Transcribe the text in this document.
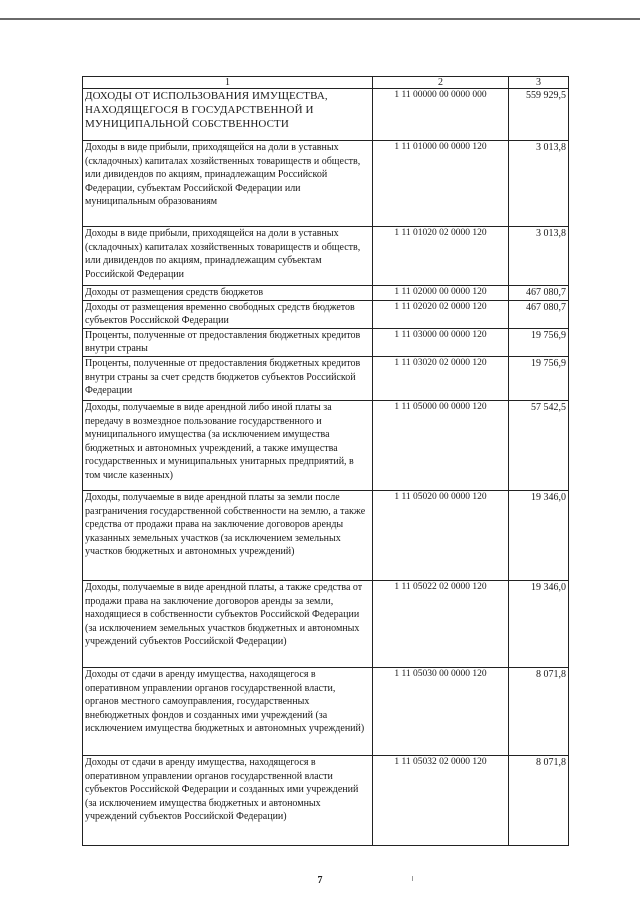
1	2	3
ДОХОДЫ ОТ ИСПОЛЬЗОВАНИЯ ИМУЩЕСТВА, НАХОДЯЩЕГОСЯ В ГОСУДАРСТВЕННОЙ И МУНИЦИПАЛЬНОЙ СОБСТВЕННОСТИ	1 11 00000 00 0000 000	559 929,5
Доходы в виде прибыли, приходящейся на доли в уставных (складочных) капиталах хозяйственных товариществ и обществ, или дивидендов по акциям, принадлежащим Российской Федерации, субъектам Российской Федерации или муниципальным образованиям	1 11 01000 00 0000 120	3 013,8
Доходы в виде прибыли, приходящейся на доли в уставных (складочных) капиталах хозяйственных товариществ и обществ, или дивидендов по акциям, принадлежащим субъектам Российской Федерации	1 11 01020 02 0000 120	3 013,8
Доходы от размещения средств бюджетов	1 11 02000 00 0000 120	467 080,7
Доходы от размещения временно свободных средств бюджетов субъектов Российской Федерации	1 11 02020 02 0000 120	467 080,7
Проценты, полученные от предоставления бюджетных кредитов внутри страны	1 11 03000 00 0000 120	19 756,9
Проценты, полученные от предоставления бюджетных кредитов внутри страны за счет средств бюджетов субъектов Российской Федерации	1 11 03020 02 0000 120	19 756,9
Доходы, получаемые в виде арендной либо иной платы за передачу в возмездное пользование государственного и муниципального имущества (за исключением имущества бюджетных и автономных учреждений, а также имущества государственных и муниципальных унитарных предприятий, в том числе казенных)	1 11 05000 00 0000 120	57 542,5
Доходы, получаемые в виде арендной платы за земли после разграничения государственной собственности на землю, а также средства от продажи права на заключение договоров аренды указанных земельных участков (за исключением земельных участков бюджетных и автономных учреждений)	1 11 05020 00 0000 120	19 346,0
Доходы, получаемые в виде арендной платы, а также средства от продажи права на заключение договоров аренды за земли, находящиеся в собственности субъектов Российской Федерации (за исключением земельных участков бюджетных и автономных учреждений субъектов Российской Федерации)	1 11 05022 02 0000 120	19 346,0
Доходы от сдачи в аренду имущества, находящегося в оперативном управлении органов государственной власти, органов местного самоуправления, государственных внебюджетных фондов и созданных ими учреждений (за исключением имущества бюджетных и автономных учреждений)	1 11 05030 00 0000 120	8 071,8
Доходы от сдачи в аренду имущества, находящегося в оперативном управлении органов государственной власти субъектов Российской Федерации и созданных ими учреждений (за исключением имущества бюджетных и автономных учреждений субъектов Российской Федерации)	1 11 05032 02 0000 120	8 071,8
7
